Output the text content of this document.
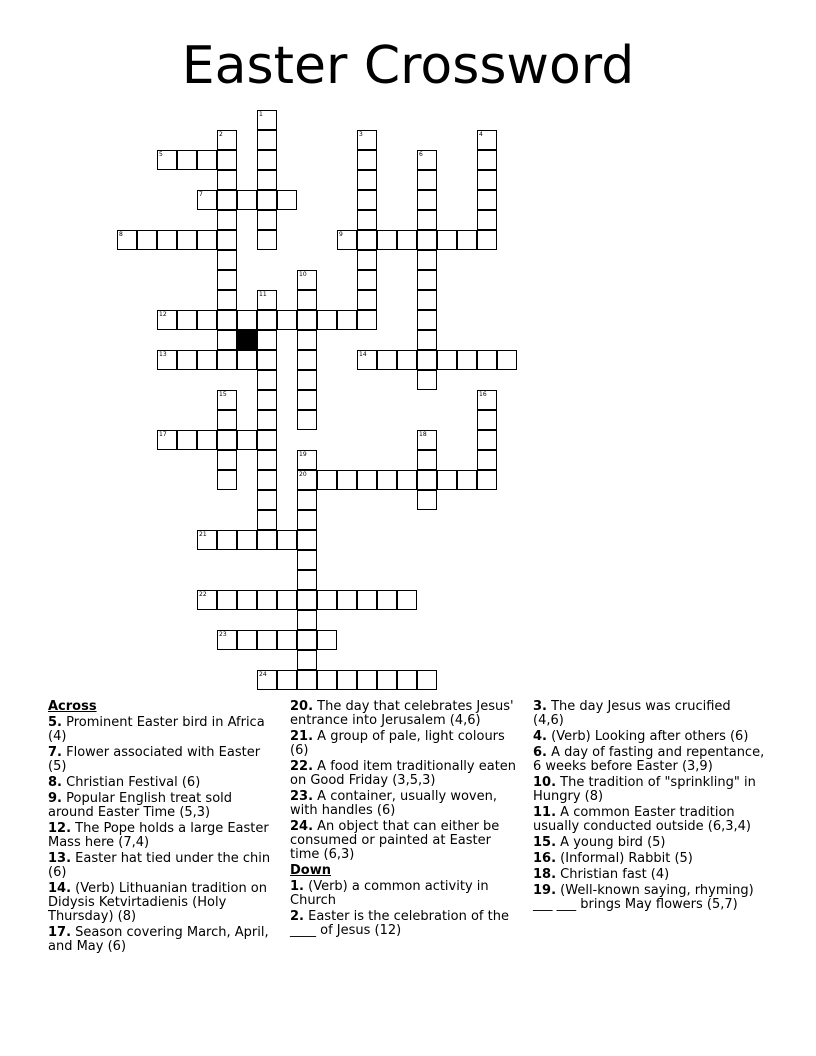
Easter Crossword
5
7
8	9
12
13	14
17
20
21
22
23
24
1
2	3	4
6
10
11
15	16
18
19
Across
5. Prominent Easter bird in Africa (4)
7. Flower associated with Easter (5)
8. Christian Festival (6)
9. Popular English treat sold around Easter Time (5,3)
12. The Pope holds a large Easter Mass here (7,4)
13. Easter hat tied under the chin (6)
14. (Verb) Lithuanian tradition on Didysis Ketvirtadienis (Holy Thursday) (8)
17. Season covering March, April, and May (6)
20. The day that celebrates Jesus' entrance into Jerusalem (4,6)
21. A group of pale, light colours (6)
22. A food item traditionally eaten on Good Friday (3,5,3)
23. A container, usually woven, with handles (6)
24. An object that can either be consumed or painted at Easter time (6,3)
Down
1. (Verb) a common activity in Church
2. Easter is the celebration of the ____ of Jesus (12)
3. The day Jesus was crucified (4,6)
4. (Verb) Looking after others (6)
6. A day of fasting and repentance, 6 weeks before Easter (3,9)
10. The tradition of "sprinkling" in Hungry (8)
11. A common Easter tradition usually conducted outside (6,3,4)
15. A young bird (5)
16. (Informal) Rabbit (5)
18. Christian fast (4)
19. (Well-known saying, rhyming) ___ ___ brings May flowers (5,7)
